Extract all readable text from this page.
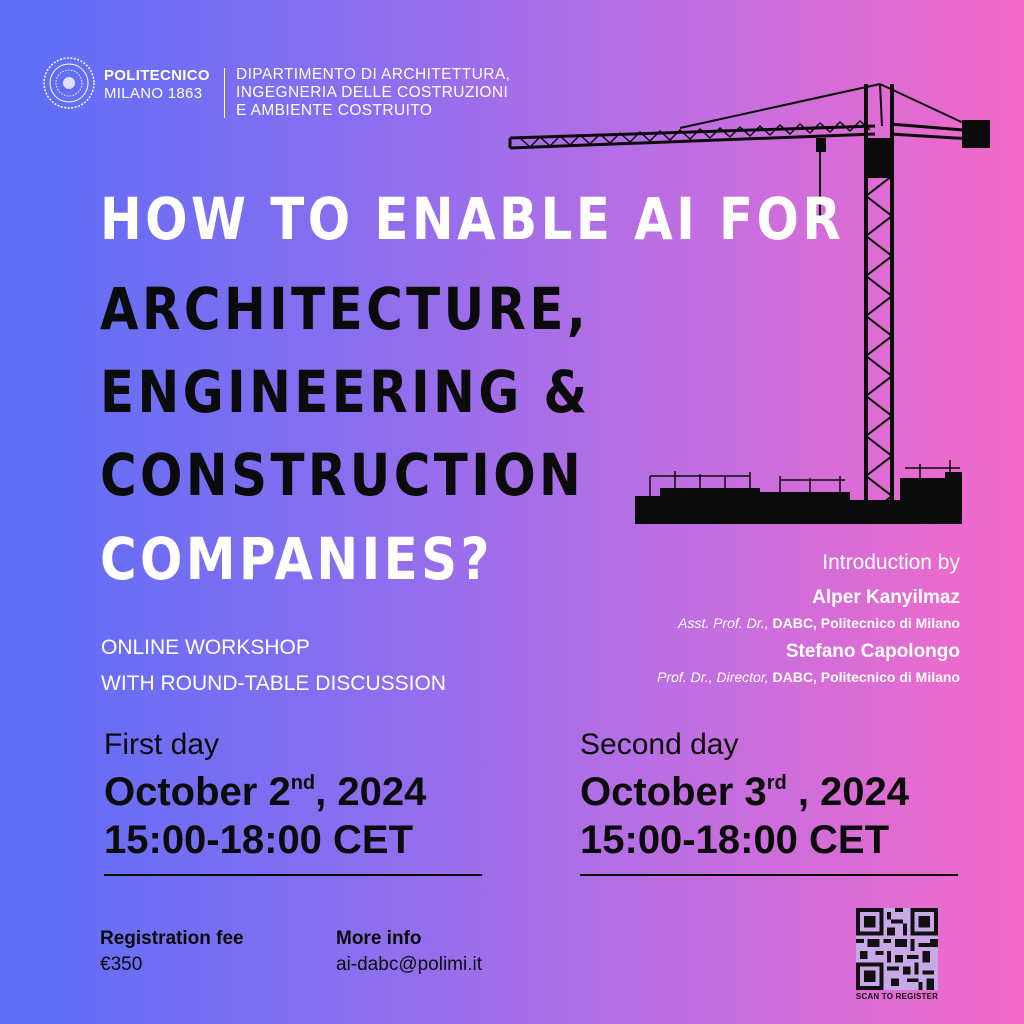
POLITECNICO
MILANO 1863
DIPARTIMENTO DI ARCHITETTURA,
INGEGNERIA DELLE COSTRUZIONI
E AMBIENTE COSTRUITO
HOW TO ENABLE AI FOR
ARCHITECTURE,
ENGINEERING &
CONSTRUCTION
COMPANIES?
ONLINE WORKSHOP
WITH ROUND-TABLE DISCUSSION
Introduction by
Alper Kanyilmaz
Asst. Prof. Dr., DABC, Politecnico di Milano
Stefano Capolongo
Prof. Dr., Director, DABC, Politecnico di Milano
First day
October 2nd, 2024
15:00-18:00 CET
Second day
October 3rd , 2024
15:00-18:00 CET
Registration fee
€350
More info
ai-dabc@polimi.it
SCAN TO REGISTER
